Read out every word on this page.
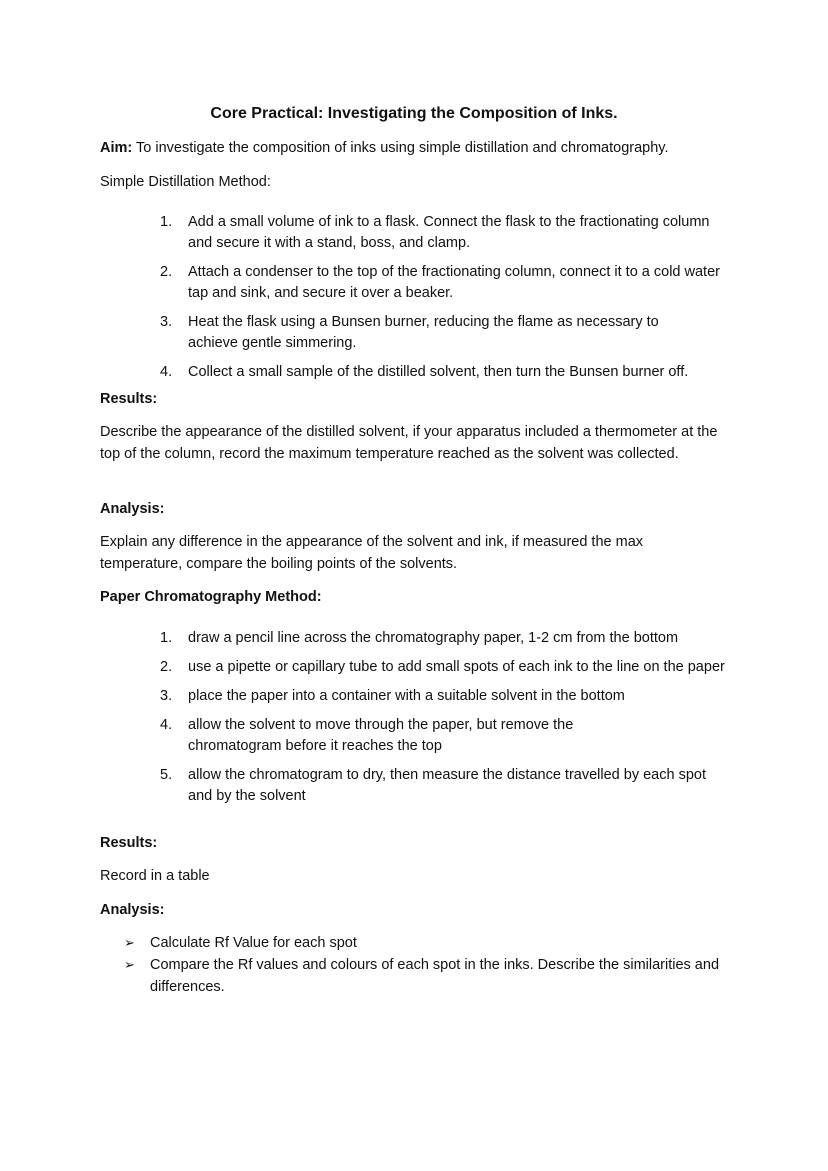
Core Practical: Investigating the Composition of Inks.
Aim: To investigate the composition of inks using simple distillation and chromatography.
Simple Distillation Method:
1.	Add a small volume of ink to a flask. Connect the flask to the fractionating column and secure it with a stand, boss, and clamp.
2.	Attach a condenser to the top of the fractionating column, connect it to a cold water tap and sink, and secure it over a beaker.
3.	Heat the flask using a Bunsen burner, reducing the flame as necessary to achieve gentle simmering.
4.	Collect a small sample of the distilled solvent, then turn the Bunsen burner off.
Results:
Describe the appearance of the distilled solvent, if your apparatus included a thermometer at the top of the column, record the maximum temperature reached as the solvent was collected.
Analysis:
Explain any difference in the appearance of the solvent and ink, if measured the max temperature, compare the boiling points of the solvents.
Paper Chromatography Method:
1.	draw a pencil line across the chromatography paper, 1-2 cm from the bottom
2.	use a pipette or capillary tube to add small spots of each ink to the line on the paper
3.	place the paper into a container with a suitable solvent in the bottom
4.	allow the solvent to move through the paper, but remove the chromatogram before it reaches the top
5.	allow the chromatogram to dry, then measure the distance travelled by each spot and by the solvent
Results:
Record in a table
Analysis:
➢ Calculate Rf Value for each spot
➢ Compare the Rf values and colours of each spot in the inks. Describe the similarities and differences.
